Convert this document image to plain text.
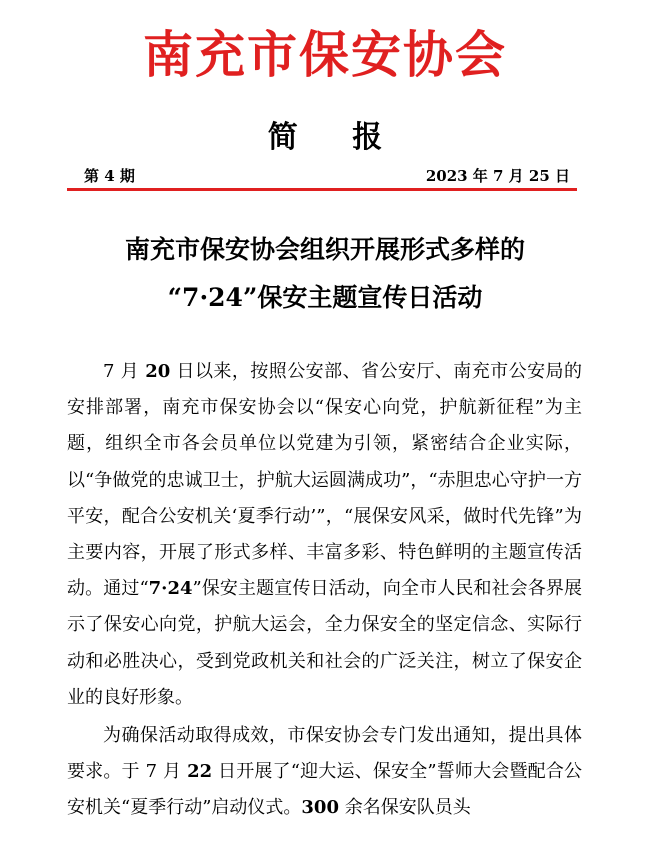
南充市保安协会
简 报
第 4 期	2023 年 7 月 25 日
南充市保安协会组织开展形式多样的
“7·24”保安主题宣传日活动

7 月 20 日以来，按照公安部、省公安厅、南充市公安局的安排部署，南充市保安协会以“保安心向党，护航新征程”为主题，组织全市各会员单位以党建为引领，紧密结合企业实际，以“争做党的忠诚卫士，护航大运圆满成功”，“赤胆忠心守护一方平安，配合公安机关‘夏季行动’”，“展保安风采，做时代先锋”为主要内容，开展了形式多样、丰富多彩、特色鲜明的主题宣传活动。通过“7·24”保安主题宣传日活动，向全市人民和社会各界展示了保安心向党，护航大运会，全力保安全的坚定信念、实际行动和必胜决心，受到党政机关和社会的广泛关注，树立了保安企业的良好形象。

为确保活动取得成效，市保安协会专门发出通知，提出具体要求。于 7 月 22 日开展了“迎大运、保安全”誓师大会暨配合公安机关“夏季行动”启动仪式。300 余名保安队员头
